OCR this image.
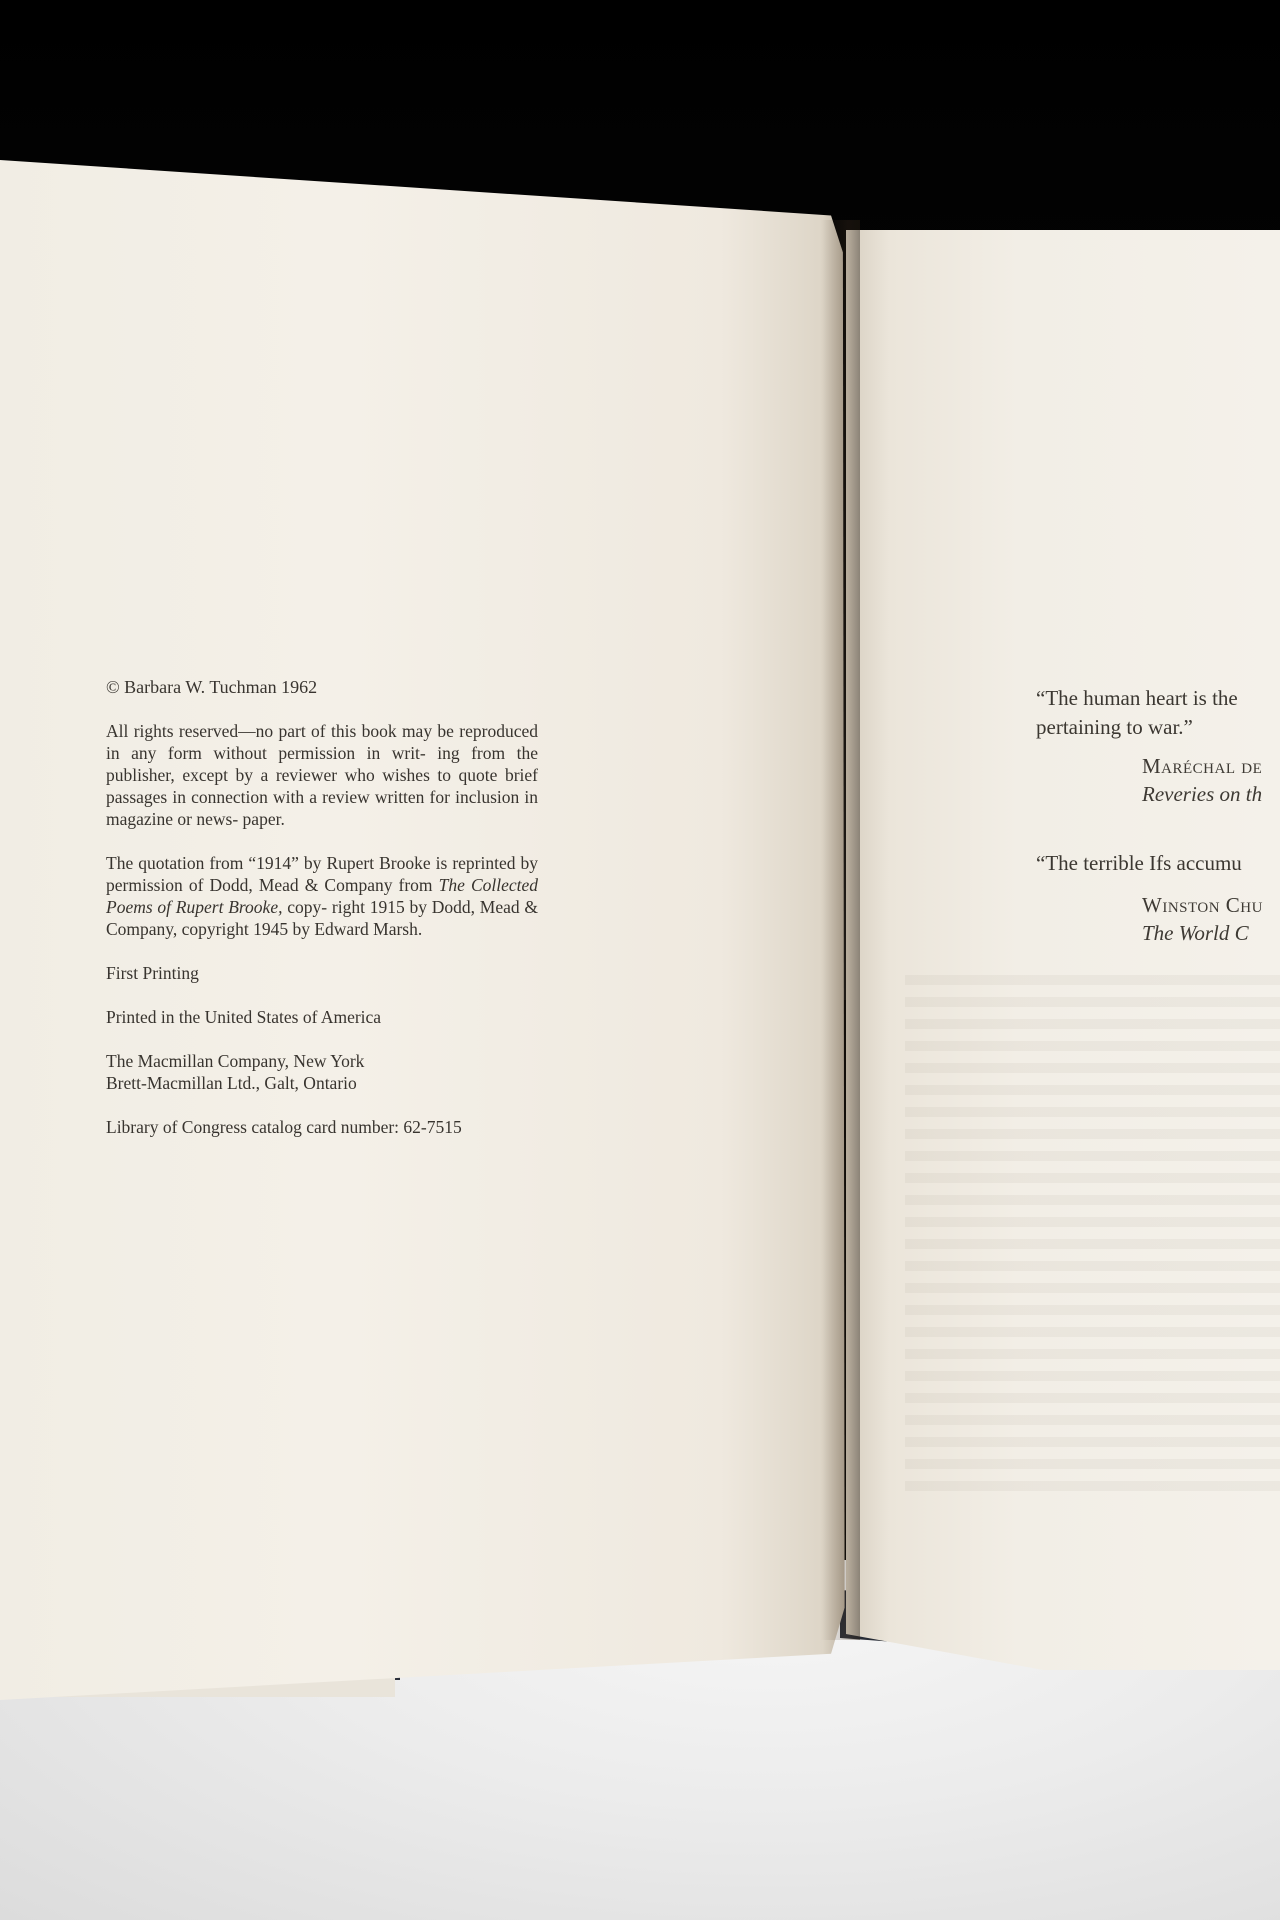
© Barbara W. Tuchman 1962

All rights reserved—no part of this book may be reproduced in any form without permission in writ- ing from the publisher, except by a reviewer who wishes to quote brief passages in connection with a review written for inclusion in magazine or news- paper.

The quotation from “1914” by Rupert Brooke is reprinted by permission of Dodd, Mead & Company from The Collected Poems of Rupert Brooke, copy- right 1915 by Dodd, Mead & Company, copyright 1945 by Edward Marsh.

First Printing

Printed in the United States of America

The Macmillan Company, New York
Brett-Macmillan Ltd., Galt, Ontario

Library of Congress catalog card number: 62-7515

“The human heart is the
pertaining to war.”
Maréchal de
Reveries on th
“The terrible Ifs accumu
Winston Chu
The World C
